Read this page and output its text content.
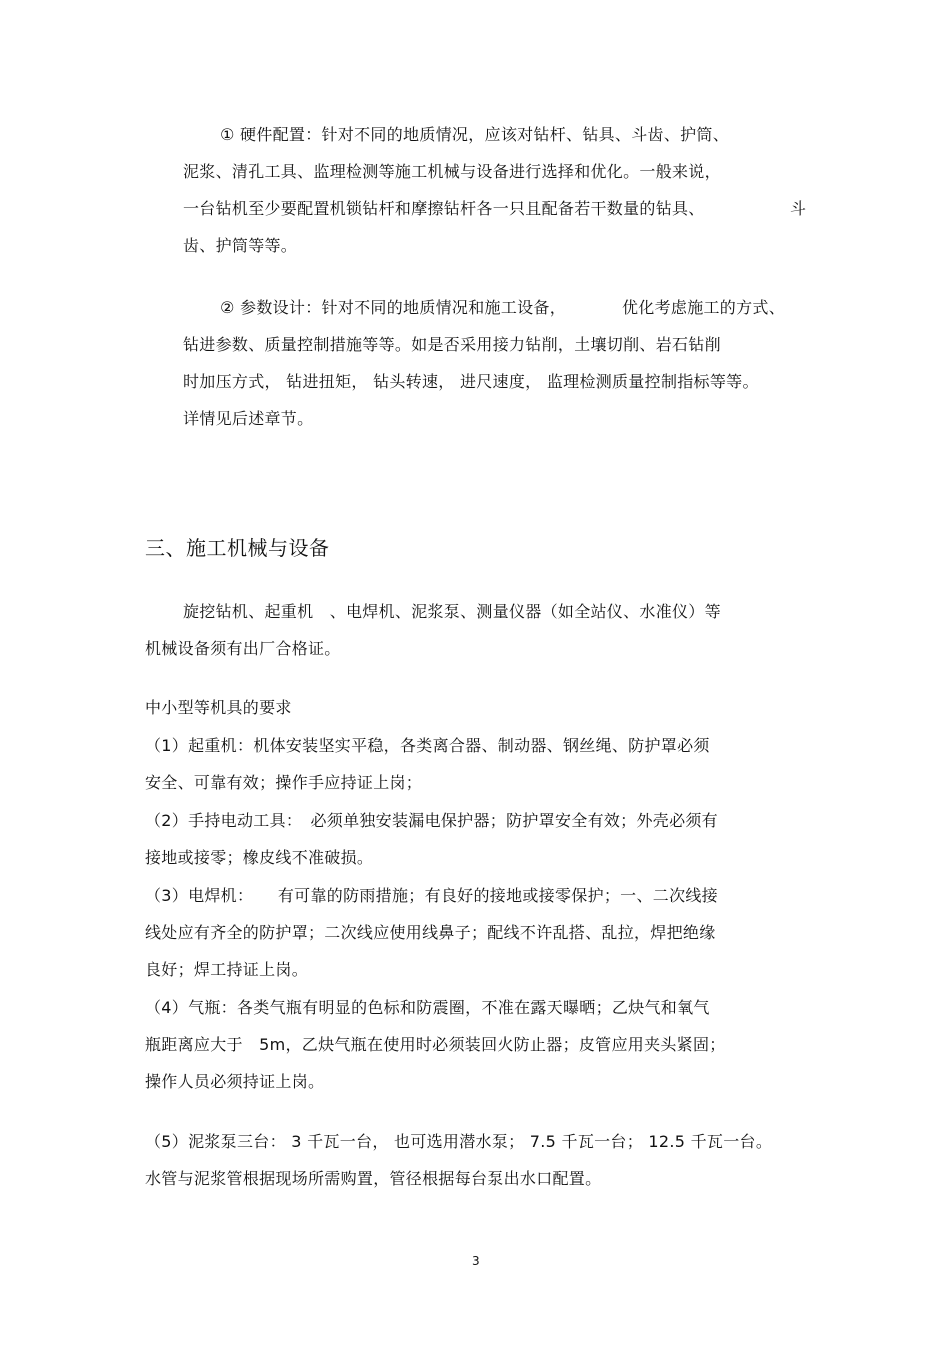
① 硬件配置：针对不同的地质情况，应该对钻杆、钻具、斗齿、护筒、
泥浆、清孔工具、监理检测等施工机械与设备进行选择和优化。一般来说，
一台钻机至少要配置机锁钻杆和摩擦钻杆各一只且配备若干数量的钻具、	斗
齿、护筒等等。
② 参数设计：针对不同的地质情况和施工设备，	优化考虑施工的方式、
钻进参数、质量控制措施等等。如是否采用接力钻削，土壤切削、岩石钻削
时加压方式， 钻进扭矩， 钻头转速， 进尺速度， 监理检测质量控制指标等等。
详情见后述章节。
三、施工机械与设备
旋挖钻机、起重机　、电焊机、泥浆泵、测量仪器（如全站仪、水准仪）等
机械设备须有出厂合格证。
中小型等机具的要求
（1）起重机：机体安装坚实平稳，各类离合器、制动器、钢丝绳、防护罩必须
安全、可靠有效；操作手应持证上岗；
（2）手持电动工具：　必须单独安装漏电保护器；防护罩安全有效；外壳必须有
接地或接零；橡皮线不准破损。
（3）电焊机：　　有可靠的防雨措施；有良好的接地或接零保护；一、二次线接
线处应有齐全的防护罩；二次线应使用线鼻子；配线不许乱搭、乱拉，焊把绝缘
良好；焊工持证上岗。
（4）气瓶：各类气瓶有明显的色标和防震圈，不准在露天曝晒；乙炔气和氧气
瓶距离应大于　5m，乙炔气瓶在使用时必须装回火防止器；皮管应用夹头紧固；
操作人员必须持证上岗。
（5）泥浆泵三台： 3 千瓦一台， 也可选用潜水泵； 7.5 千瓦一台； 12.5 千瓦一台。
水管与泥浆管根据现场所需购置，管径根据每台泵出水口配置。
3
